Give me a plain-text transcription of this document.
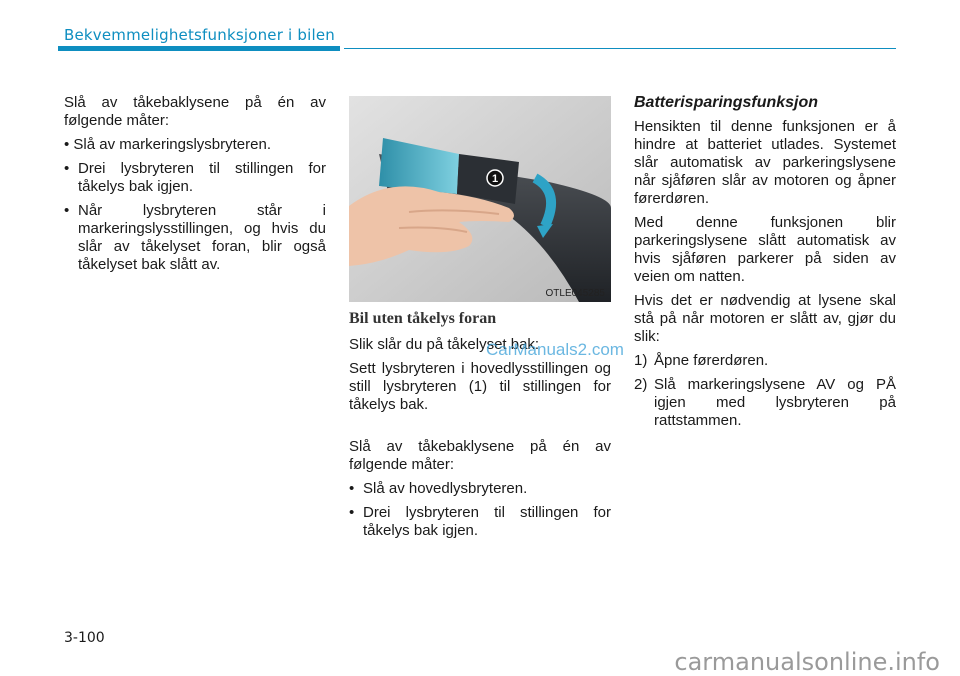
Bekvemmelighetsfunksjoner i bilen

Slå av tåkebaklysene på én av følgende måter:

• Slå av markeringslysbryteren.

• Drei lysbryteren til stillingen for tåkelys bak igjen.
• Når lysbryteren står i markeringslysstillingen, og hvis du slår av tåkelyset foran, blir også tåkelyset bak slått av.
1
OTLE045285

Bil uten tåkelys foran

Slik slår du på tåkelyset bak:

Sett lysbryteren i hovedlysstillingen og still lysbryteren (1) til stillingen for tåkelys bak.

Slå av tåkebaklysene på én av følgende måter:

• Slå av hovedlysbryteren.
• Drei lysbryteren til stillingen for tåkelys bak igjen.
CarManuals2.com

Batterisparingsfunksjon

Hensikten til denne funksjonen er å hindre at batteriet utlades. Systemet slår automatisk av parkeringslysene når sjåføren slår av motoren og åpner førerdøren.

Med denne funksjonen blir parkeringslysene slått automatisk av hvis sjåføren parkerer på siden av veien om natten.

Hvis det er nødvendig at lysene skal stå på når motoren er slått av, gjør du slik:

1) Åpne førerdøren.
2) Slå markeringslysene AV og PÅ igjen med lysbryteren på rattstammen.
3-100
carmanualsonline.info
